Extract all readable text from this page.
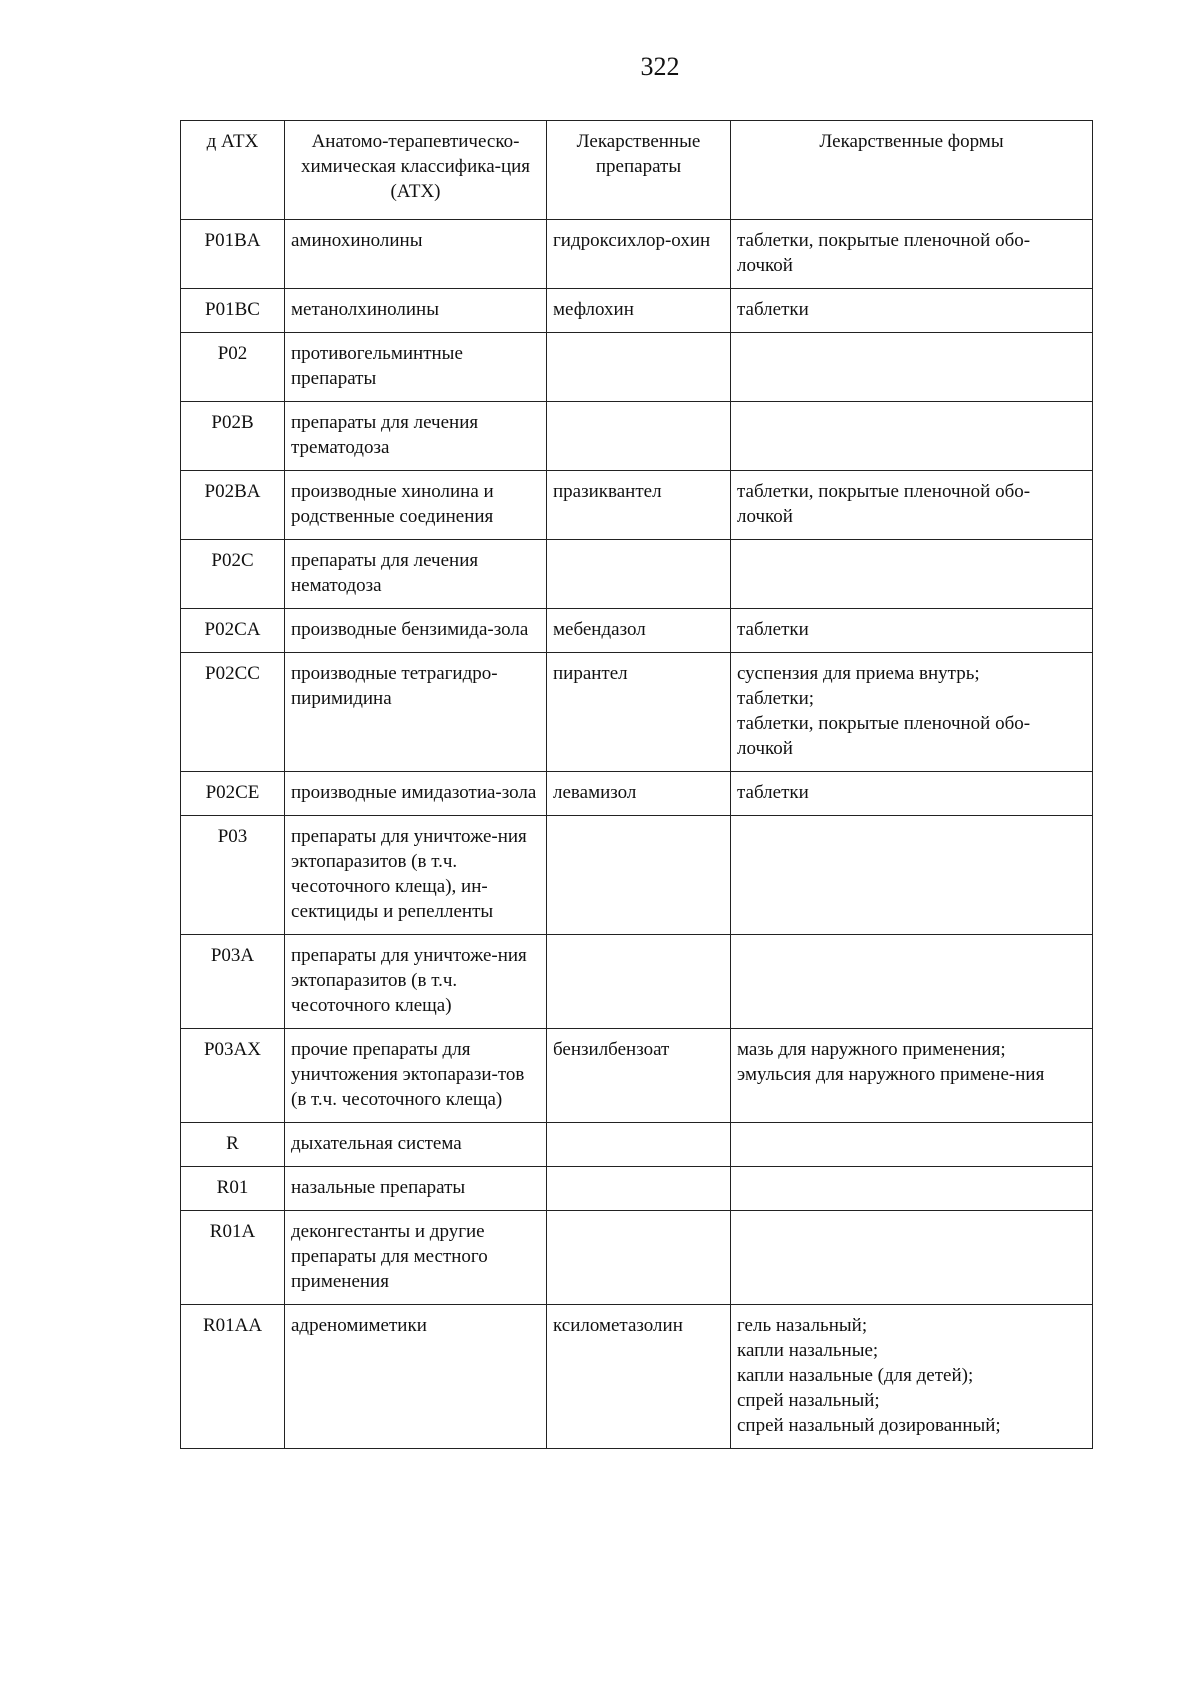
322
д АТХ	Анатомо-терапевтическо-химическая классифика-ция (АТХ)	Лекарственные препараты	Лекарственные формы
P01BA	аминохинолины	гидроксихлор-охин	таблетки, покрытые пленочной обо-лочкой
P01BC	метанолхинолины	мефлохин	таблетки
P02	противогельминтные препараты		
P02B	препараты для лечения трематодоза		
P02BA	производные хинолина и родственные соединения	празиквантел	таблетки, покрытые пленочной обо-лочкой
P02C	препараты для лечения нематодоза		
P02CA	производные бензимида-зола	мебендазол	таблетки
P02CC	производные тетрагидро-пиримидина	пирантел	суспензия для приема внутрь;
таблетки;
таблетки, покрытые пленочной обо-лочкой
P02CE	производные имидазотиа-зола	левамизол	таблетки
P03	препараты для уничтоже-ния эктопаразитов (в т.ч. чесоточного клеща), ин-сектициды и репелленты		
P03A	препараты для уничтоже-ния эктопаразитов (в т.ч. чесоточного клеща)		
P03AX	прочие препараты для уничтожения эктопарази-тов (в т.ч. чесоточного клеща)	бензилбензоат	мазь для наружного применения;
эмульсия для наружного примене-ния
R	дыхательная система		
R01	назальные препараты		
R01A	деконгестанты и другие препараты для местного применения		
R01AA	адреномиметики	ксилометазолин	гель назальный;
капли назальные;
капли назальные (для детей);
спрей назальный;
спрей назальный дозированный;
